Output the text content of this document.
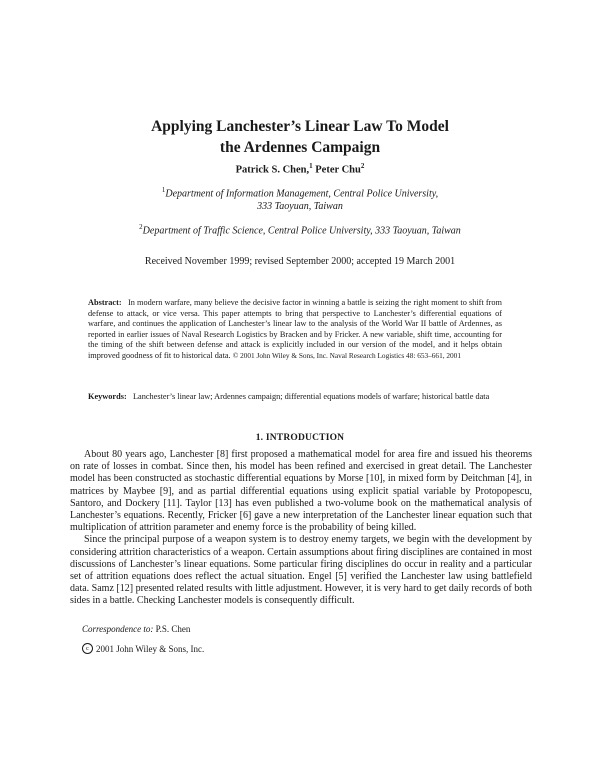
Applying Lanchester’s Linear Law To Model
the Ardennes Campaign
Patrick S. Chen,$^1$ Peter Chu$^2$
$^1$Department of Information Management, Central Police University,
333 Taoyuan, Taiwan
$^2$Department of Traffic Science, Central Police University, 333 Taoyuan, Taiwan
Received November 1999; revised September 2000; accepted 19 March 2001
Abstract: In modern warfare, many believe the decisive factor in winning a battle is seizing the right moment to shift from defense to attack, or vice versa. This paper attempts to bring that perspective to Lanchester’s differential equations of warfare, and continues the application of Lanchester’s linear law to the analysis of the World War II battle of Ardennes, as reported in earlier issues of Naval Research Logistics by Bracken and by Fricker. A new variable, shift time, accounting for the timing of the shift between defense and attack is explicitly included in our version of the model, and it helps obtain improved goodness of fit to historical data. © 2001 John Wiley & Sons, Inc. Naval Research Logistics 48: 653–661, 2001
Keywords: Lanchester’s linear law; Ardennes campaign; differential equations models of warfare; historical battle data
1. INTRODUCTION

About 80 years ago, Lanchester [8] first proposed a mathematical model for area fire and issued his theorems on rate of losses in combat. Since then, his model has been refined and exercised in great detail. The Lanchester model has been constructed as stochastic differential equations by Morse [10], in mixed form by Deitchman [4], in matrices by Maybee [9], and as partial differential equations using explicit spatial variable by Protopopescu, Santoro, and Dockery [11]. Taylor [13] has even published a two-volume book on the mathematical analysis of Lanchester’s equations. Recently, Fricker [6] gave a new interpretation of the Lanchester linear equation such that multiplication of attrition parameter and enemy force is the probability of being killed.

Since the principal purpose of a weapon system is to destroy enemy targets, we begin with the development by considering attrition characteristics of a weapon. Certain assumptions about firing disciplines are contained in most discussions of Lanchester’s linear equations. Some particular firing disciplines do occur in reality and a particular set of attrition equations does reflect the actual situation. Engel [5] verified the Lanchester law using battlefield data. Samz [12] presented related results with little adjustment. However, it is very hard to get daily records of both sides in a battle. Checking Lanchester models is consequently difficult.

Correspondence to: P.S. Chen
c 2001 John Wiley & Sons, Inc.
